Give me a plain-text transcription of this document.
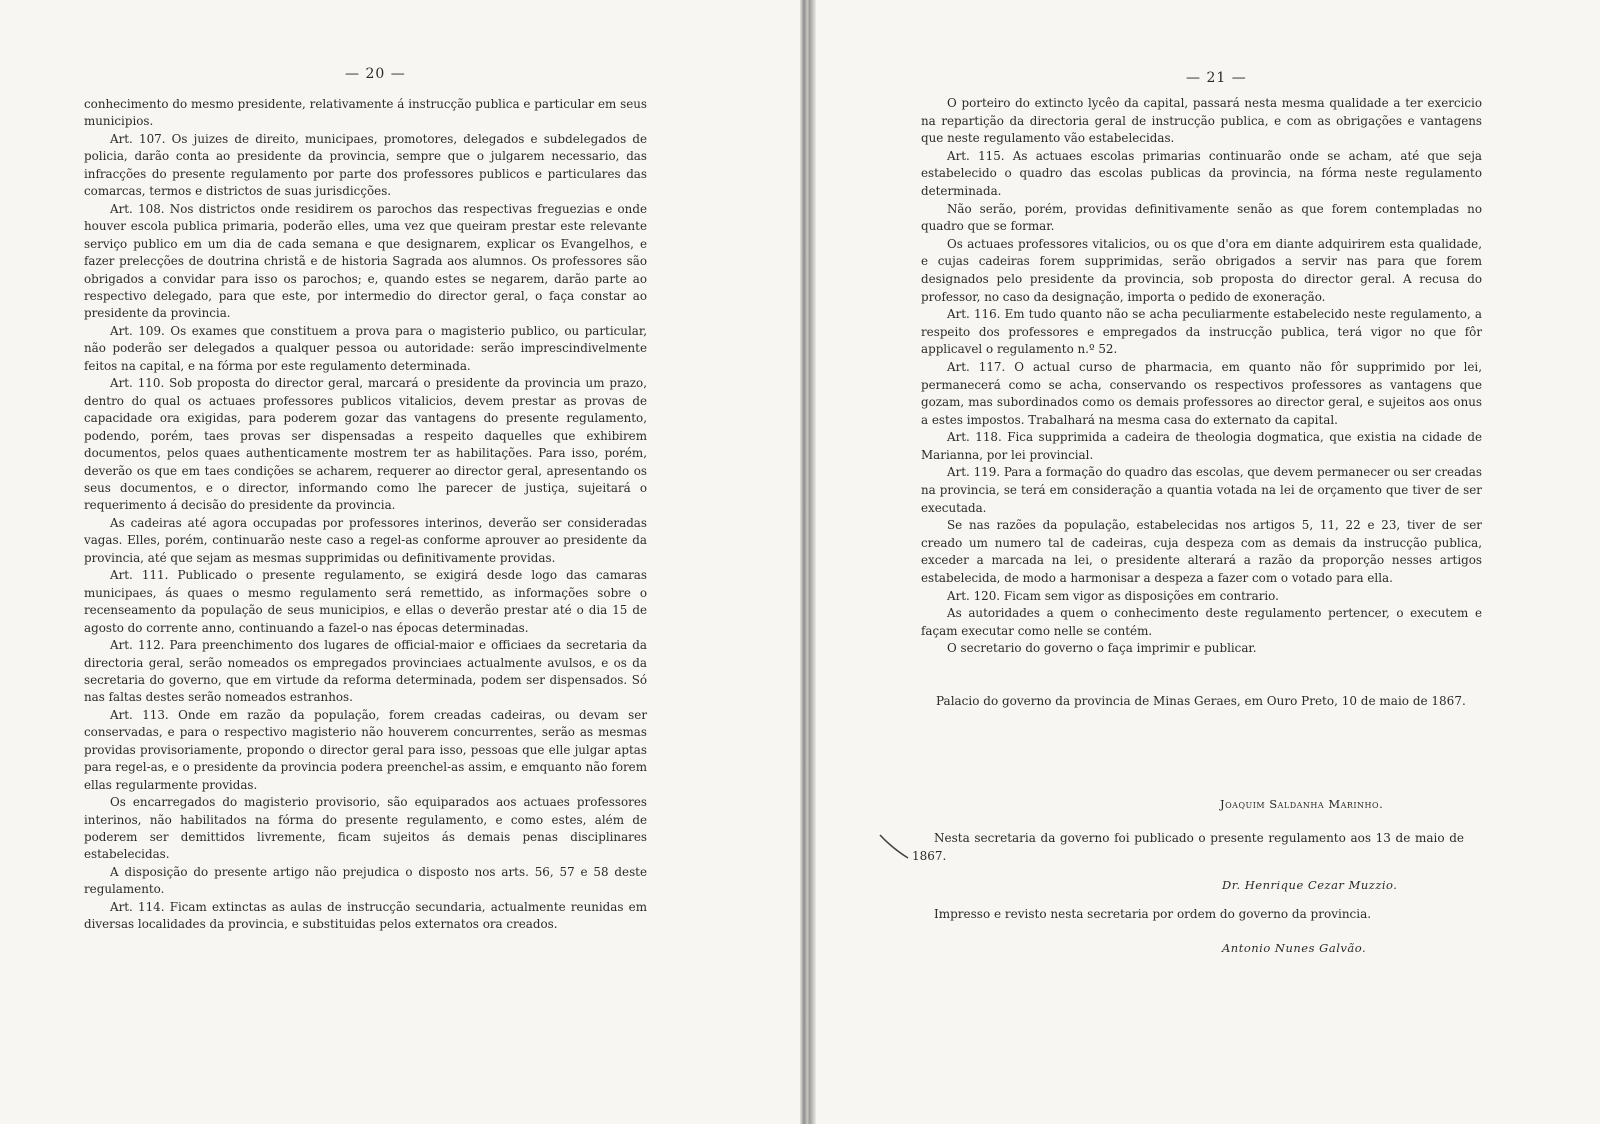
— 20 —

conhecimento do mesmo presidente, relativamente á instrucção publica e particular em seus municipios.

Art. 107. Os juizes de direito, municipaes, promotores, delegados e subdelegados de policia, darão conta ao presidente da provincia, sempre que o julgarem necessario, das infracções do presente regulamento por parte dos professores publicos e particulares das comarcas, termos e districtos de suas jurisdicções.

Art. 108. Nos districtos onde residirem os parochos das respectivas freguezias e onde houver escola publica primaria, poderão elles, uma vez que queiram prestar este relevante serviço publico em um dia de cada semana e que designarem, explicar os Evangelhos, e fazer prelecções de doutrina christã e de historia Sagrada aos alumnos. Os professores são obrigados a convidar para isso os parochos; e, quando estes se negarem, darão parte ao respectivo delegado, para que este, por intermedio do director geral, o faça constar ao presidente da provincia.

Art. 109. Os exames que constituem a prova para o magisterio publico, ou particular, não poderão ser delegados a qualquer pessoa ou autoridade: serão imprescindivelmente feitos na capital, e na fórma por este regulamento determinada.

Art. 110. Sob proposta do director geral, marcará o presidente da provincia um prazo, dentro do qual os actuaes professores publicos vitalicios, devem prestar as provas de capacidade ora exigidas, para poderem gozar das vantagens do presente regulamento, podendo, porém, taes provas ser dispensadas a respeito daquelles que exhibirem documentos, pelos quaes authenticamente mostrem ter as habilitações. Para isso, porém, deverão os que em taes condições se acharem, requerer ao director geral, apresentando os seus documentos, e o director, informando como lhe parecer de justiça, sujeitará o requerimento á decisão do presidente da provincia.

As cadeiras até agora occupadas por professores interinos, deverão ser consideradas vagas. Elles, porém, continuarão neste caso a regel-as conforme aprouver ao presidente da provincia, até que sejam as mesmas supprimidas ou definitivamente providas.

Art. 111. Publicado o presente regulamento, se exigirá desde logo das camaras municipaes, ás quaes o mesmo regulamento será remettido, as informações sobre o recenseamento da população de seus municipios, e ellas o deverão prestar até o dia 15 de agosto do corrente anno, continuando a fazel-o nas épocas determinadas.

Art. 112. Para preenchimento dos lugares de official-maior e officiaes da secretaria da directoria geral, serão nomeados os empregados provinciaes actualmente avulsos, e os da secretaria do governo, que em virtude da reforma determinada, podem ser dispensados. Só nas faltas destes serão nomeados estranhos.

Art. 113. Onde em razão da população, forem creadas cadeiras, ou devam ser conservadas, e para o respectivo magisterio não houverem concurrentes, serão as mesmas providas provisoriamente, propondo o director geral para isso, pessoas que elle julgar aptas para regel-as, e o presidente da provincia podera preenchel-as assim, e emquanto não forem ellas regularmente providas.

Os encarregados do magisterio provisorio, são equiparados aos actuaes professores interinos, não habilitados na fórma do presente regulamento, e como estes, além de poderem ser demittidos livremente, ficam sujeitos ás demais penas disciplinares estabelecidas.

A disposição do presente artigo não prejudica o disposto nos arts. 56, 57 e 58 deste regulamento.

Art. 114. Ficam extinctas as aulas de instrucção secundaria, actualmente reunidas em diversas localidades da provincia, e substituidas pelos externatos ora creados.

— 21 —

O porteiro do extincto lycêo da capital, passará nesta mesma qualidade a ter exercicio na repartição da directoria geral de instrucção publica, e com as obrigações e vantagens que neste regulamento vão estabelecidas.

Art. 115. As actuaes escolas primarias continuarão onde se acham, até que seja estabelecido o quadro das escolas publicas da provincia, na fórma neste regulamento determinada.

Não serão, porém, providas definitivamente senão as que forem contempladas no quadro que se formar.

Os actuaes professores vitalicios, ou os que d'ora em diante adquirirem esta qualidade, e cujas cadeiras forem supprimidas, serão obrigados a servir nas para que forem designados pelo presidente da provincia, sob proposta do director geral. A recusa do professor, no caso da designação, importa o pedido de exoneração.

Art. 116. Em tudo quanto não se acha peculiarmente estabelecido neste regulamento, a respeito dos professores e empregados da instrucção publica, terá vigor no que fôr applicavel o regulamento n.º 52.

Art. 117. O actual curso de pharmacia, em quanto não fôr supprimido por lei, permanecerá como se acha, conservando os respectivos professores as vantagens que gozam, mas subordinados como os demais professores ao director geral, e sujeitos aos onus a estes impostos. Trabalhará na mesma casa do externato da capital.

Art. 118. Fica supprimida a cadeira de theologia dogmatica, que existia na cidade de Marianna, por lei provincial.

Art. 119. Para a formação do quadro das escolas, que devem permanecer ou ser creadas na provincia, se terá em consideração a quantia votada na lei de orçamento que tiver de ser executada.

Se nas razões da população, estabelecidas nos artigos 5, 11, 22 e 23, tiver de ser creado um numero tal de cadeiras, cuja despeza com as demais da instrucção publica, exceder a marcada na lei, o presidente alterará a razão da proporção nesses artigos estabelecida, de modo a harmonisar a despeza a fazer com o votado para ella.

Art. 120. Ficam sem vigor as disposições em contrario.

As autoridades a quem o conhecimento deste regulamento pertencer, o executem e façam executar como nelle se contém.

O secretario do governo o faça imprimir e publicar.

Palacio do governo da provincia de Minas Geraes, em Ouro Preto, 10 de maio de 1867.
Joaquim Saldanha Marinho.
Nesta secretaria da governo foi publicado o presente regulamento aos 13 de maio de 1867.
Dr. Henrique Cezar Muzzio.
Impresso e revisto nesta secretaria por ordem do governo da provincia.
Antonio Nunes Galvão.
